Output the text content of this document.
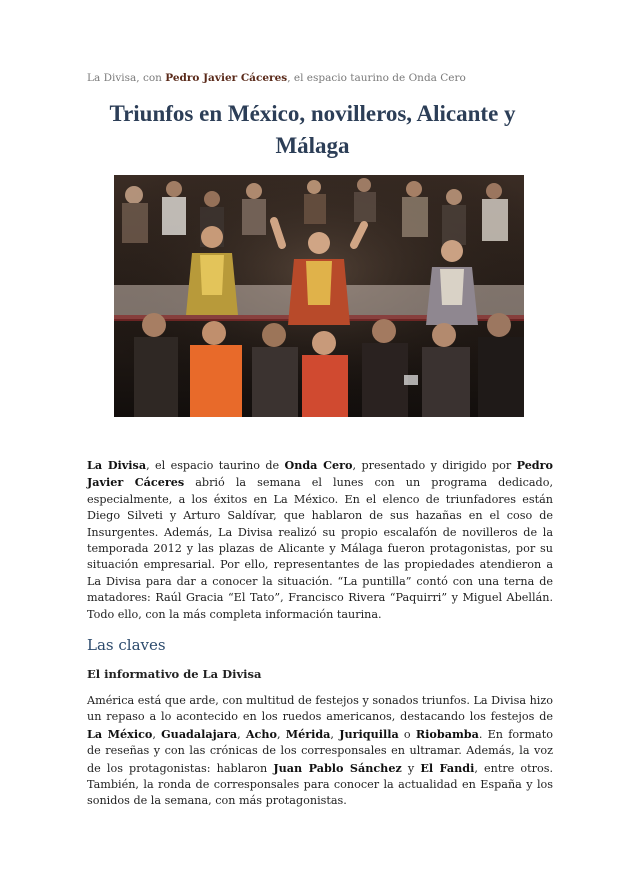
La Divisa, con Pedro Javier Cáceres, el espacio taurino de Onda Cero
Triunfos en México, novilleros, Alicante y Málaga

La Divisa, el espacio taurino de Onda Cero, presentado y dirigido por Pedro Javier Cáceres abrió la semana el lunes con un programa dedicado, especialmente, a los éxitos en La México. En el elenco de triunfadores están Diego Silveti y Arturo Saldívar, que hablaron de sus hazañas en el coso de Insurgentes. Además, La Divisa realizó su propio escalafón de novilleros de la temporada 2012 y las plazas de Alicante y Málaga fueron protagonistas, por su situación empresarial. Por ello, representantes de las propiedades atendieron a La Divisa para dar a conocer la situación. “La puntilla” contó con una terna de matadores: Raúl Gracia “El Tato”, Francisco Rivera “Paquirri” y Miguel Abellán. Todo ello, con la más completa información taurina.

Las claves
El informativo de La Divisa

América está que arde, con multitud de festejos y sonados triunfos. La Divisa hizo un repaso a lo acontecido en los ruedos americanos, destacando los festejos de La México, Guadalajara, Acho, Mérida, Juriquilla o Riobamba. En formato de reseñas y con las crónicas de los corresponsales en ultramar. Además, la voz de los protagonistas: hablaron Juan Pablo Sánchez y El Fandi, entre otros. También, la ronda de corresponsales para conocer la actualidad en España y los sonidos de la semana, con más protagonistas.
